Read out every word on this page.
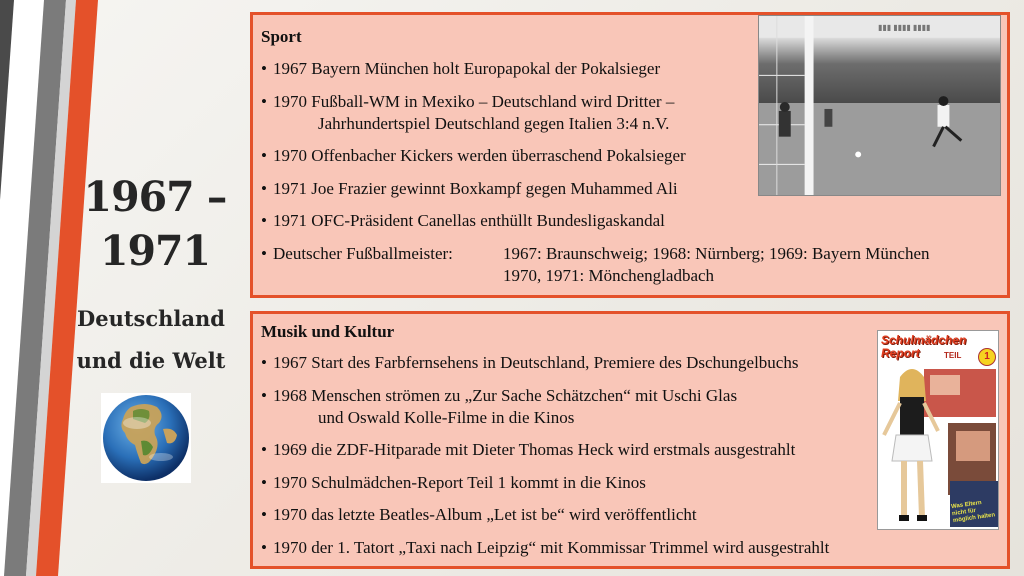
1967 – 1971
Deutschland
und die Welt
Sport
• 1967 Bayern München holt Europapokal der Pokalsieger
• 1970 Fußball-WM in Mexiko – Deutschland wird Dritter –
Jahrhundertspiel Deutschland gegen Italien 3:4 n.V.
• 1970 Offenbacher Kickers werden überraschend Pokalsieger
• 1971 Joe Frazier gewinnt Boxkampf gegen Muhammed Ali
• 1971 OFC-Präsident Canellas enthüllt Bundesligaskandal
• Deutscher Fußballmeister:	1967: Braunschweig; 1968: Nürnberg; 1969: Bayern München
1970, 1971: Mönchengladbach
▮▮▮ ▮▮▮▮ ▮▮▮▮
Musik und Kultur
• 1967 Start des Farbfernsehens in Deutschland, Premiere des Dschungelbuchs
• 1968 Menschen strömen zu „Zur Sache Schätzchen“ mit Uschi Glas
und Oswald Kolle-Filme in die Kinos
• 1969 die ZDF-Hitparade mit Dieter Thomas Heck wird erstmals ausgestrahlt
• 1970 Schulmädchen-Report Teil 1 kommt in die Kinos
• 1970 das letzte Beatles-Album „Let ist be“ wird veröffentlicht
• 1970 der 1. Tatort „Taxi nach Leipzig“ mit Kommissar Trimmel wird ausgestrahlt
Schulmädchen Report	TEIL	1
Was Eltern nicht für möglich halten
